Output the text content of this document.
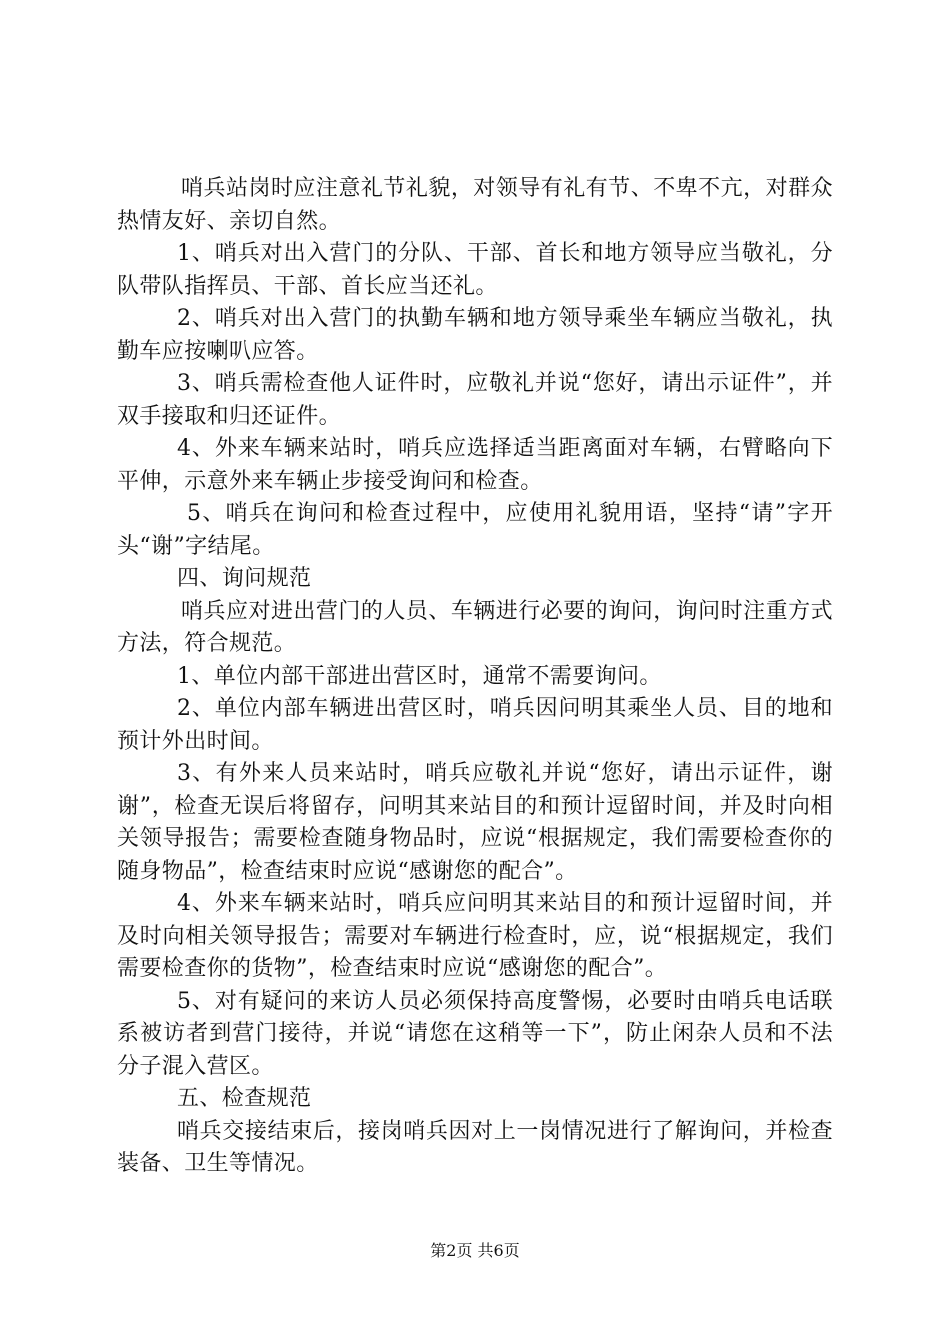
哨兵站岗时应注意礼节礼貌，对领导有礼有节、不卑不亢，对群众热情友好、亲切自然。

1、哨兵对出入营门的分队、干部、首长和地方领导应当敬礼，分队带队指挥员、干部、首长应当还礼。

2、哨兵对出入营门的执勤车辆和地方领导乘坐车辆应当敬礼，执勤车应按喇叭应答。

3、哨兵需检查他人证件时，应敬礼并说“您好，请出示证件”，并双手接取和归还证件。

4、外来车辆来站时，哨兵应选择适当距离面对车辆，右臂略向下平伸，示意外来车辆止步接受询问和检查。

5、哨兵在询问和检查过程中，应使用礼貌用语，坚持“请”字开头“谢”字结尾。

四、询问规范

哨兵应对进出营门的人员、车辆进行必要的询问，询问时注重方式方法，符合规范。

1、单位内部干部进出营区时，通常不需要询问。

2、单位内部车辆进出营区时，哨兵因问明其乘坐人员、目的地和预计外出时间。

3、有外来人员来站时，哨兵应敬礼并说“您好，请出示证件，谢谢”，检查无误后将留存，问明其来站目的和预计逗留时间，并及时向相关领导报告；需要检查随身物品时，应说“根据规定，我们需要检查你的随身物品”，检查结束时应说“感谢您的配合”。

4、外来车辆来站时，哨兵应问明其来站目的和预计逗留时间，并及时向相关领导报告；需要对车辆进行检查时，应，说“根据规定，我们需要检查你的货物”，检查结束时应说“感谢您的配合”。

5、对有疑问的来访人员必须保持高度警惕，必要时由哨兵电话联系被访者到营门接待，并说“请您在这稍等一下”，防止闲杂人员和不法分子混入营区。

五、检查规范

哨兵交接结束后，接岗哨兵因对上一岗情况进行了解询问，并检查装备、卫生等情况。

第2页 共6页
